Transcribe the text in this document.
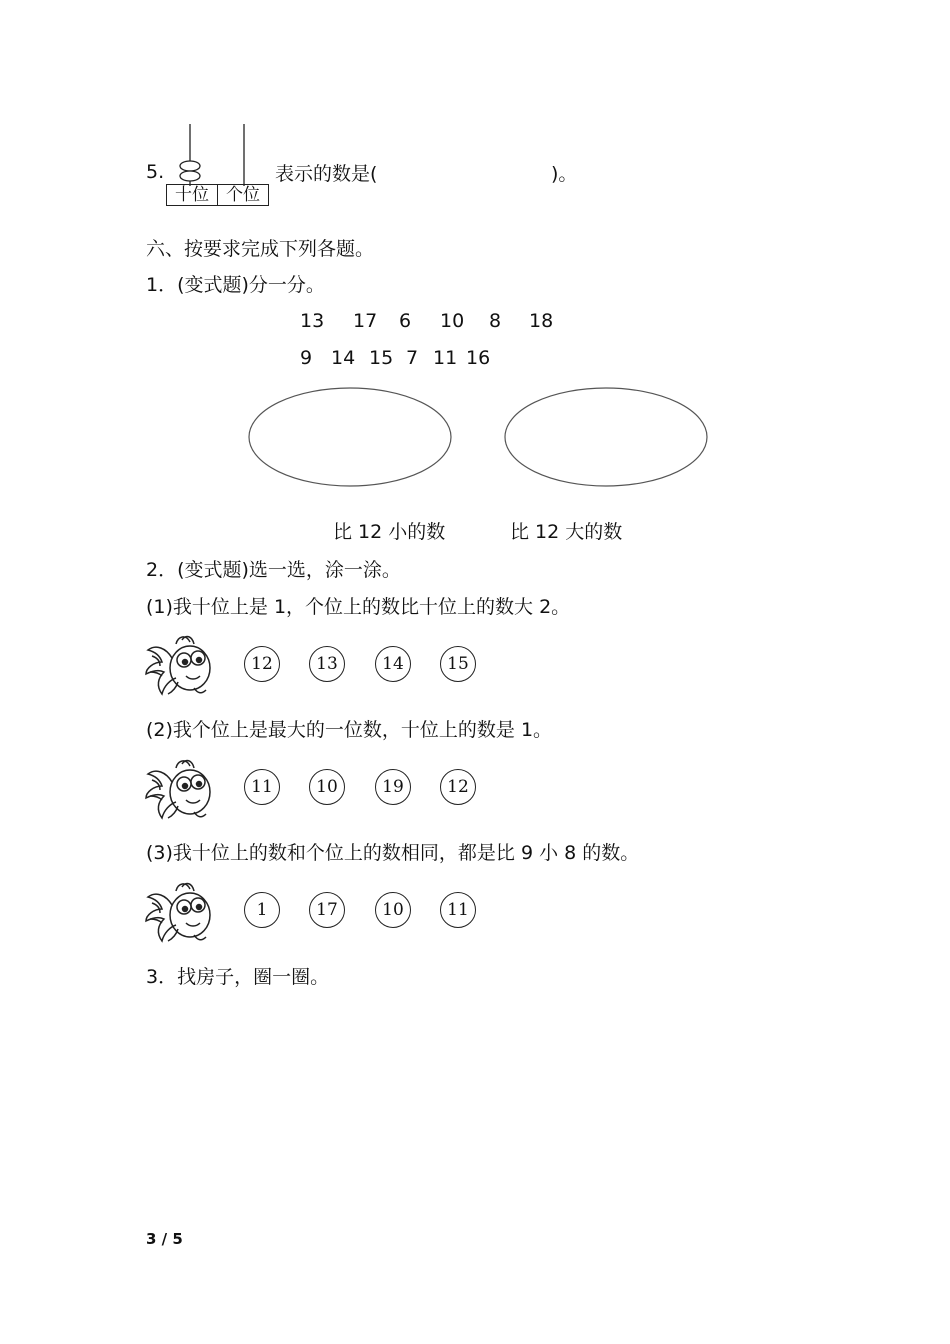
5.
十位	个位
表示的数是(	)。
六、按要求完成下列各题。
1．(变式题)分一分。
13 17 6 10 8 18
9 14 15 7 11 16
比 12 小的数	比 12 大的数
2．(变式题)选一选，涂一涂。
(1)我十位上是 1，个位上的数比十位上的数大 2。
12	13	14	15
(2)我个位上是最大的一位数，十位上的数是 1。
11	10	19	12
(3)我十位上的数和个位上的数相同，都是比 9 小 8 的数。
1	17	10	11
3．找房子，圈一圈。
3 / 5
